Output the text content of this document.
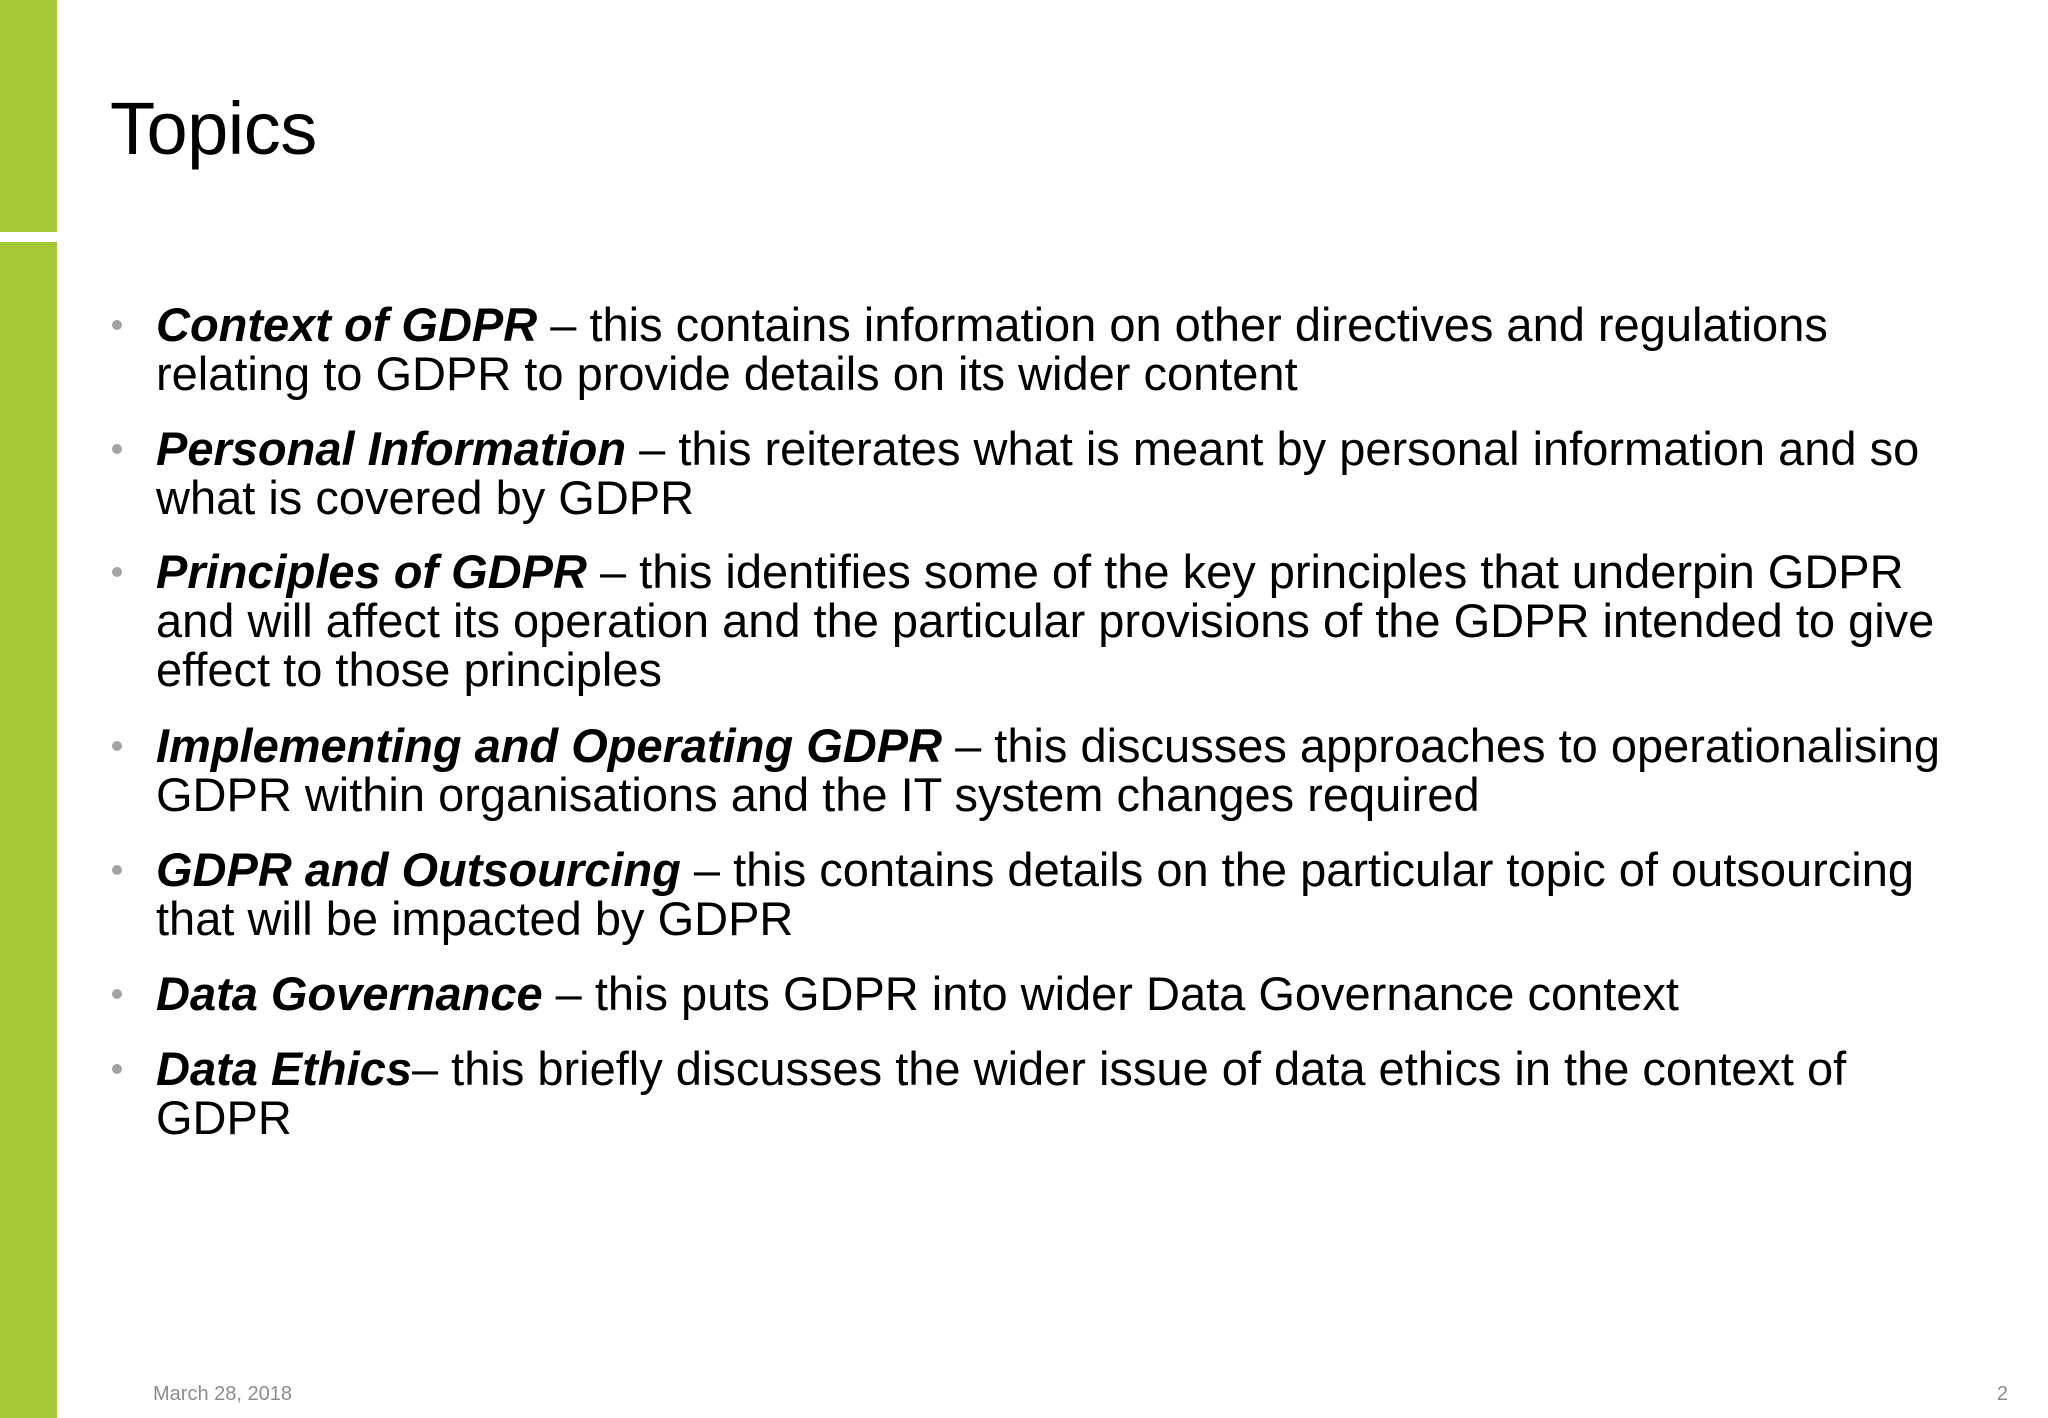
Topics
Context of GDPR – this contains information on other directives and regulations relating to GDPR to provide details on its wider content
Personal Information – this reiterates what is meant by personal information and so what is covered by GDPR
Principles of GDPR – this identifies some of the key principles that underpin GDPR and will affect its operation and the particular provisions of the GDPR intended to give effect to those principles
Implementing and Operating GDPR – this discusses approaches to operationalising GDPR within organisations and the IT system changes required
GDPR and Outsourcing – this contains details on the particular topic of outsourcing that will be impacted by GDPR
Data Governance – this puts GDPR into wider Data Governance context
Data Ethics– this briefly discusses the wider issue of data ethics in the context of GDPR
March 28, 2018	2
